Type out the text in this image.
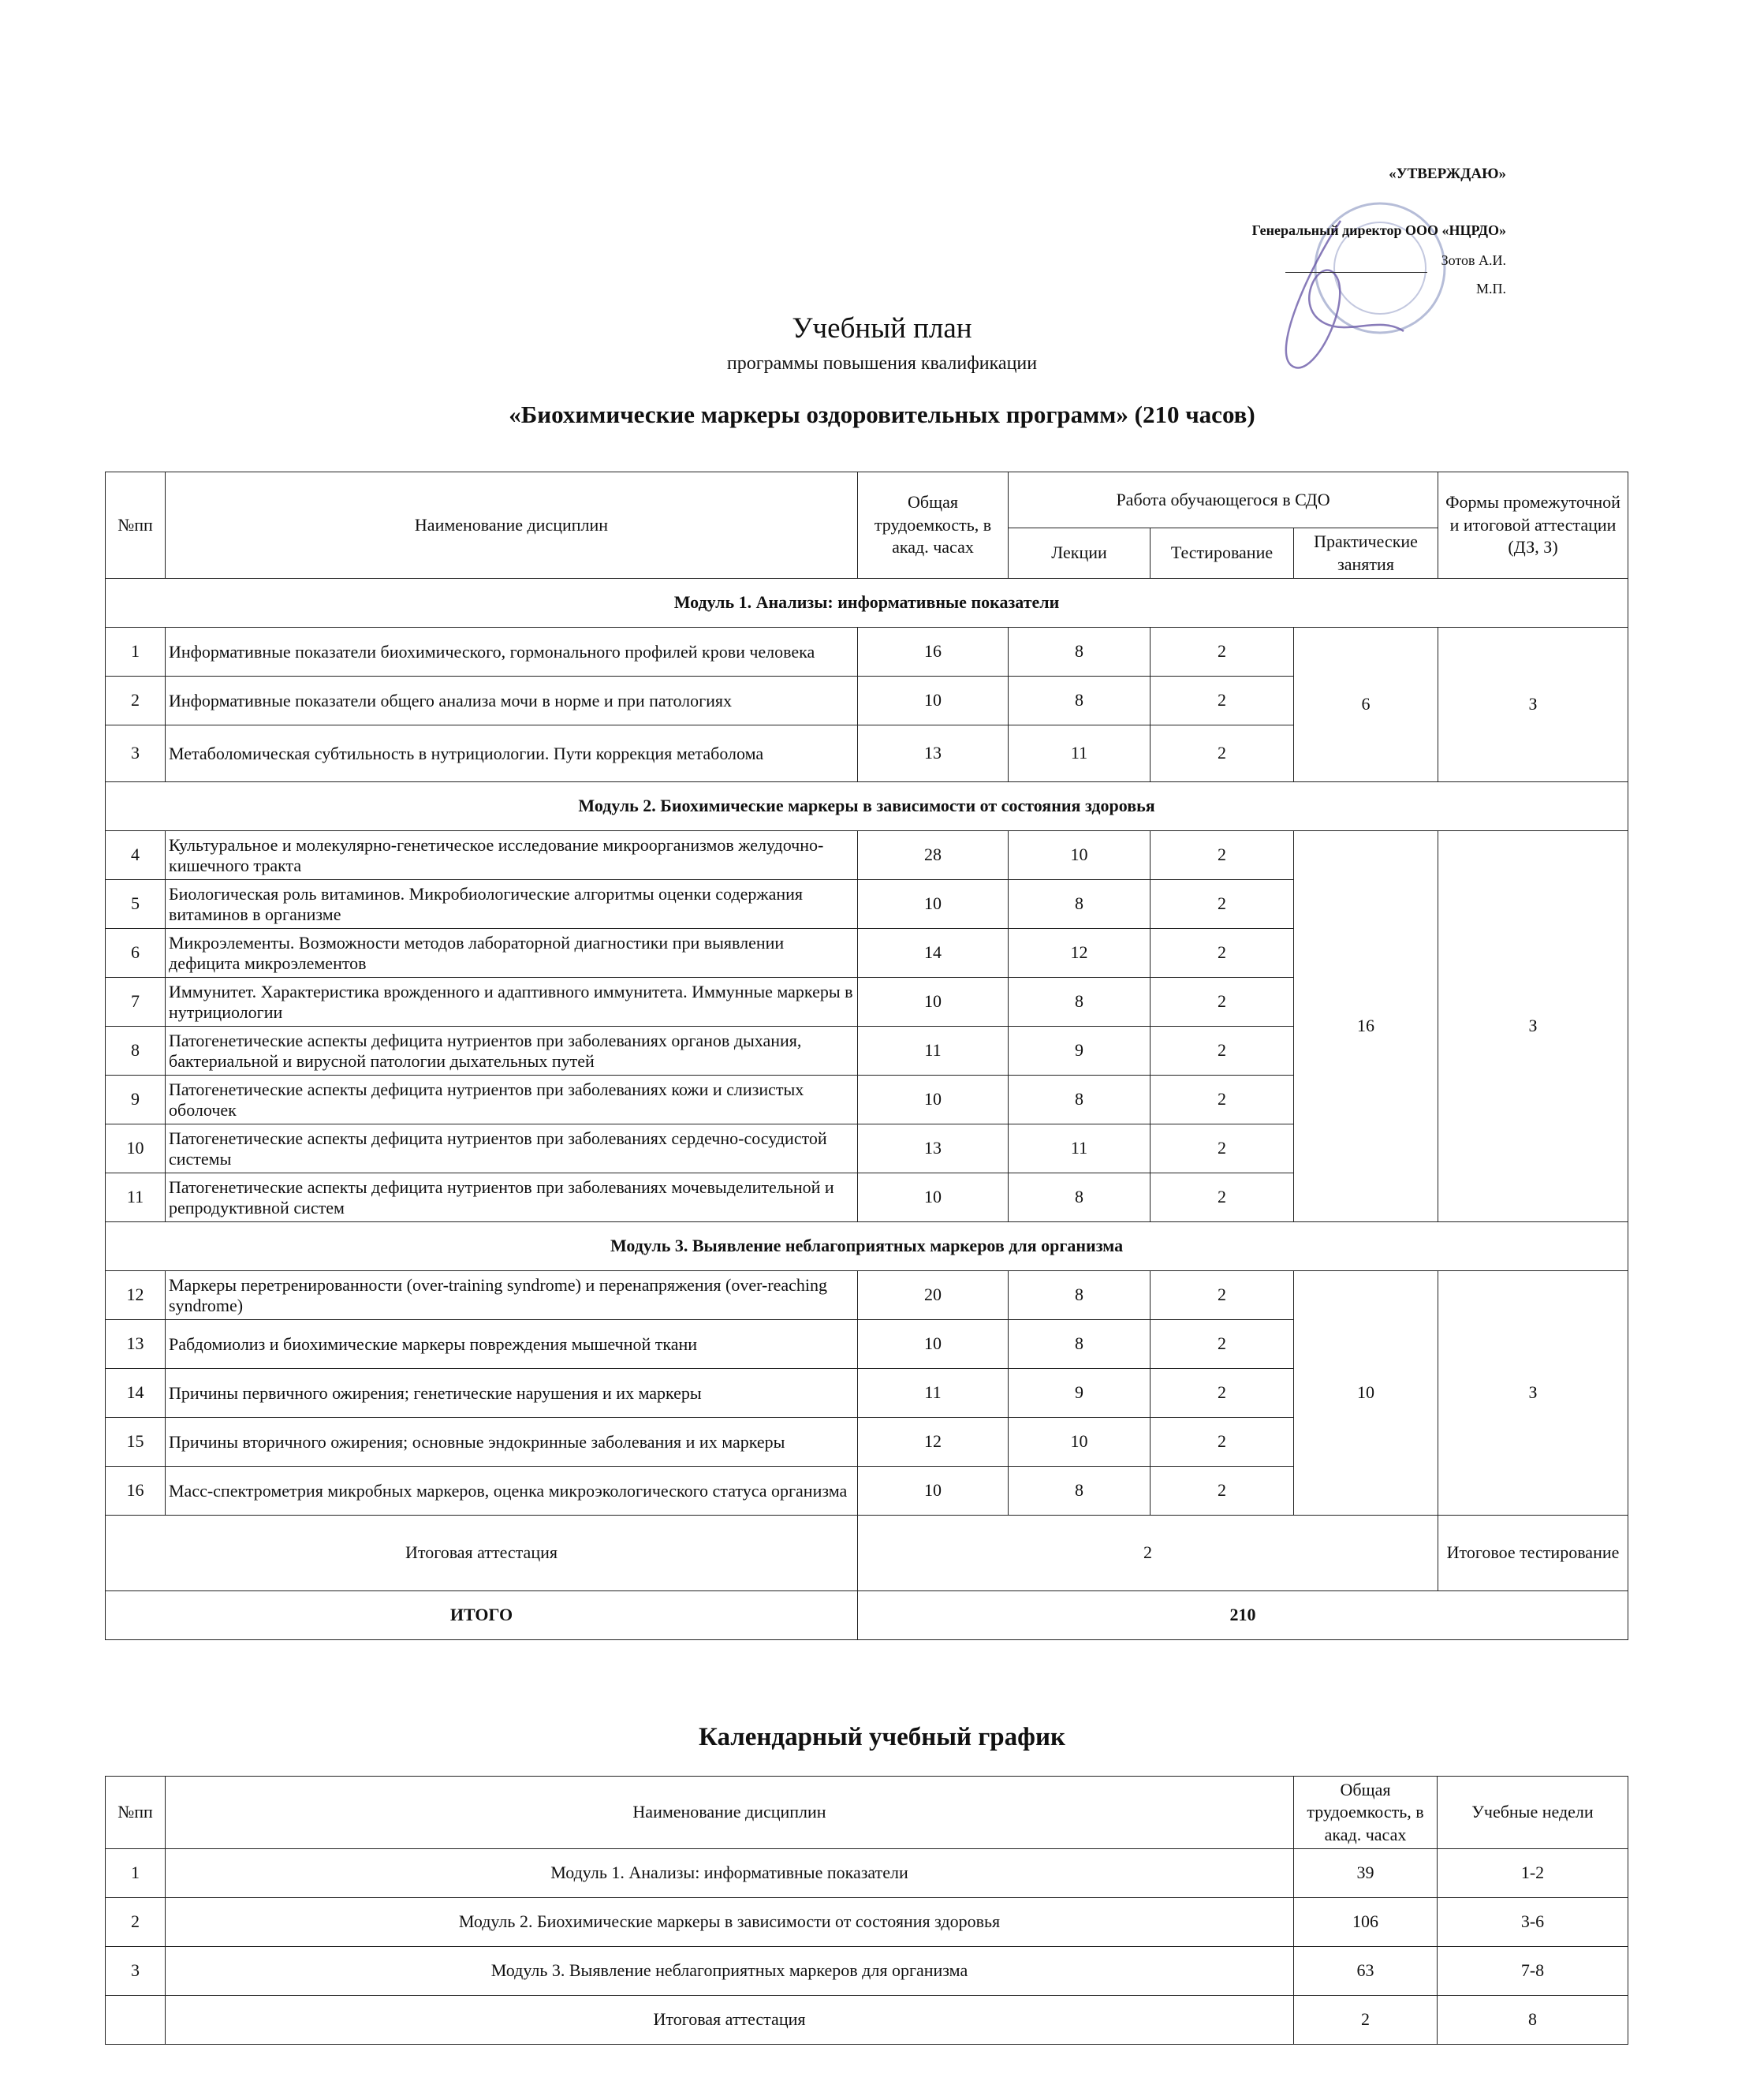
«УТВЕРЖДАЮ»
Генеральный директор ООО «НЦРДО»
Зотов А.И.
М.П.
Учебный план
программы повышения квалификации
«Биохимические маркеры оздоровительных программ» (210 часов)
№пп	Наименование дисциплин	Общая трудоемкость, в акад. часах	Работа обучающегося в СДО			Формы промежуточной и итоговой аттестации (ДЗ, З)
			Лекции	Тестирование	Практические занятия	
Модуль 1. Анализы: информативные показатели						
1	Информативные показатели биохимического, гормонального профилей крови человека	16	8	2	6	З
2	Информативные показатели общего анализа мочи в норме и при патологиях	10	8	2		
3	Метаболомическая субтильность в нутрициологии. Пути коррекция метаболома	13	11	2		
Модуль 2. Биохимические маркеры в зависимости от состояния здоровья						
4	Культуральное и молекулярно-генетическое исследование микроорганизмов желудочно-кишечного тракта	28	10	2	16	З
5	Биологическая роль витаминов. Микробиологические алгоритмы оценки содержания витаминов в организме	10	8	2		
6	Микроэлементы. Возможности методов лабораторной диагностики при выявлении дефицита микроэлементов	14	12	2		
7	Иммунитет. Характеристика врожденного и адаптивного иммунитета. Иммунные маркеры в нутрициологии	10	8	2		
8	Патогенетические аспекты дефицита нутриентов при заболеваниях органов дыхания, бактериальной и вирусной патологии дыхательных путей	11	9	2		
9	Патогенетические аспекты дефицита нутриентов при заболеваниях кожи и слизистых оболочек	10	8	2		
10	Патогенетические аспекты дефицита нутриентов при заболеваниях сердечно-сосудистой системы	13	11	2		
11	Патогенетические аспекты дефицита нутриентов при заболеваниях мочевыделительной и репродуктивной систем	10	8	2		
Модуль 3. Выявление неблагоприятных маркеров для организма						
12	Маркеры перетренированности (over-training syndrome) и перенапряжения (over-reaching syndrome)	20	8	2	10	З
13	Рабдомиолиз и биохимические маркеры повреждения мышечной ткани	10	8	2		
14	Причины первичного ожирения; генетические нарушения и их маркеры	11	9	2		
15	Причины вторичного ожирения; основные эндокринные заболевания и их маркеры	12	10	2		
16	Масс-спектрометрия микробных маркеров, оценка микроэкологического статуса организма	10	8	2		
Итоговая аттестация		2				Итоговое тестирование
ИТОГО		210				
Календарный учебный график
№пп	Наименование дисциплин	Общая трудоемкость, в акад. часах	Учебные недели
1	Модуль 1. Анализы: информативные показатели	39	1-2
2	Модуль 2. Биохимические маркеры в зависимости от состояния здоровья	106	3-6
3	Модуль 3. Выявление неблагоприятных маркеров для организма	63	7-8
	Итоговая аттестация	2	8
